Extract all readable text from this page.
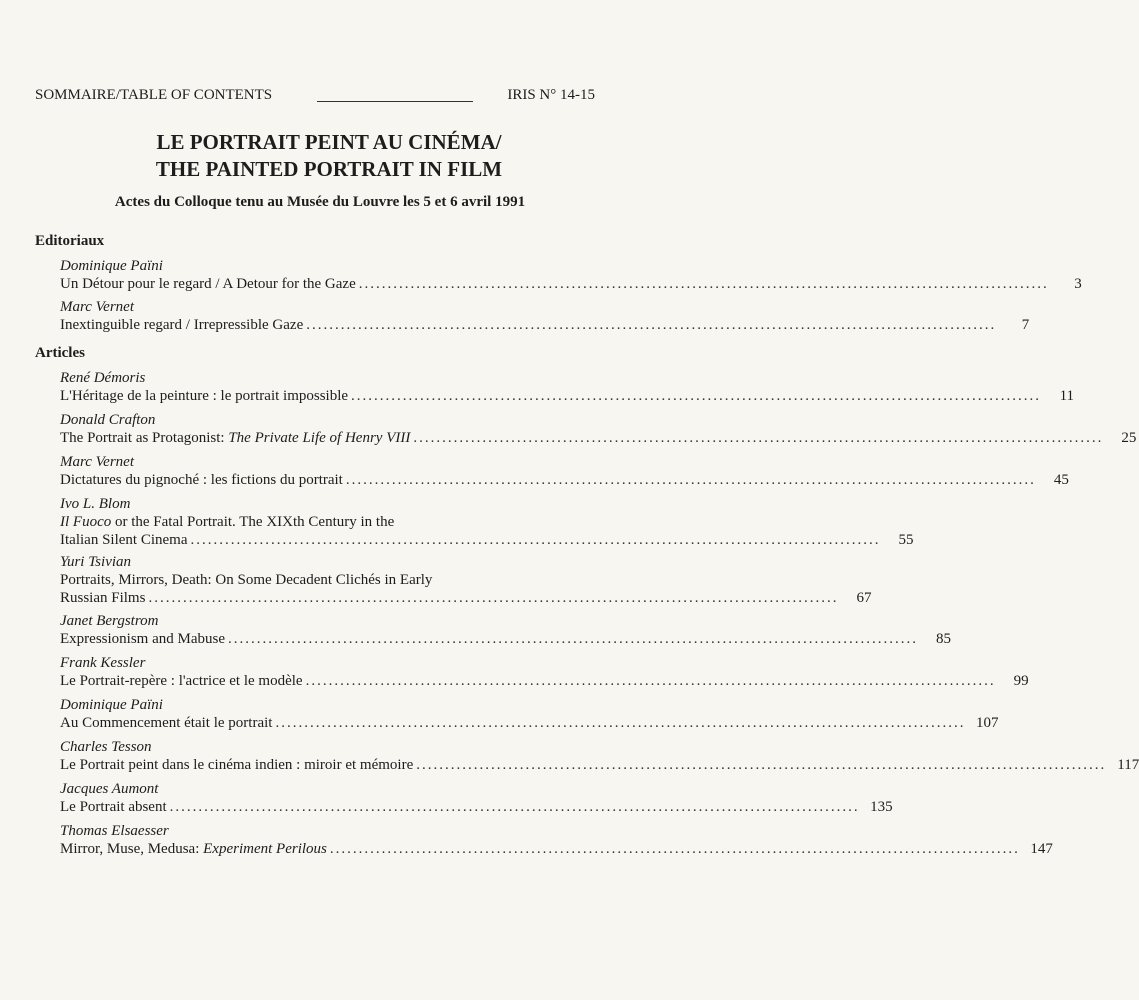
SOMMAIRE/TABLE OF CONTENTS	IRIS N° 14-15
LE PORTRAIT PEINT AU CINÉMA/
THE PAINTED PORTRAIT IN FILM
Actes du Colloque tenu au Musée du Louvre les 5 et 6 avril 1991
Editoriaux
Dominique Païni
Un Détour pour le regard / A Detour for the Gaze ........................................................................................................................	3
Marc Vernet
Inextinguible regard / Irrepressible Gaze ........................................................................................................................	7
Articles
René Démoris
L'Héritage de la peinture : le portrait impossible ........................................................................................................................	11
Donald Crafton
The Portrait as Protagonist: The Private Life of Henry VIII ........................................................................................................................	25
Marc Vernet
Dictatures du pignoché : les fictions du portrait ........................................................................................................................	45
Ivo L. Blom
Il Fuoco or the Fatal Portrait. The XIXth Century in the
Italian Silent Cinema ........................................................................................................................	55
Yuri Tsivian
Portraits, Mirrors, Death: On Some Decadent Clichés in Early
Russian Films ........................................................................................................................	67
Janet Bergstrom
Expressionism and Mabuse ........................................................................................................................	85
Frank Kessler
Le Portrait-repère : l'actrice et le modèle ........................................................................................................................	99
Dominique Païni
Au Commencement était le portrait ........................................................................................................................ 107
Charles Tesson
Le Portrait peint dans le cinéma indien : miroir et mémoire ........................................................................................................................ 117
Jacques Aumont
Le Portrait absent ........................................................................................................................ 135
Thomas Elsaesser
Mirror, Muse, Medusa: Experiment Perilous ........................................................................................................................ 147
